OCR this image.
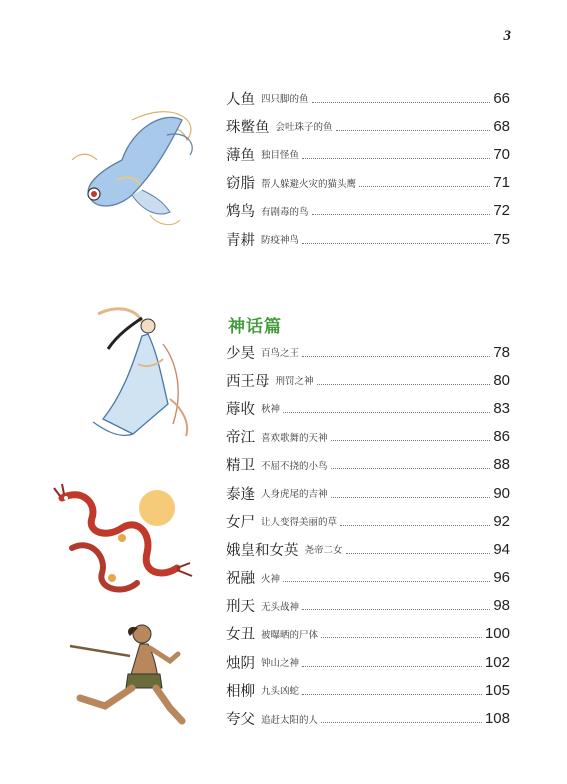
3
人鱼 四只脚的鱼	66
珠鳖鱼 会吐珠子的鱼	68
薄鱼 独目怪鱼	70
窃脂 帮人躲避火灾的猫头鹰	71
鸩鸟 有剧毒的鸟	72
青耕 防疫神鸟	75
神话篇
少昊 百鸟之王	78
西王母 刑罚之神	80
蓐收 秋神	83
帝江 喜欢歌舞的天神	86
精卫 不屈不挠的小鸟	88
泰逢 人身虎尾的吉神	90
女尸 让人变得美丽的草	92
娥皇和女英 尧帝二女	94
祝融 火神	96
刑天 无头战神	98
女丑 被曝晒的尸体	100
烛阴 钟山之神	102
相柳 九头凶蛇	105
夸父 追赶太阳的人	108
